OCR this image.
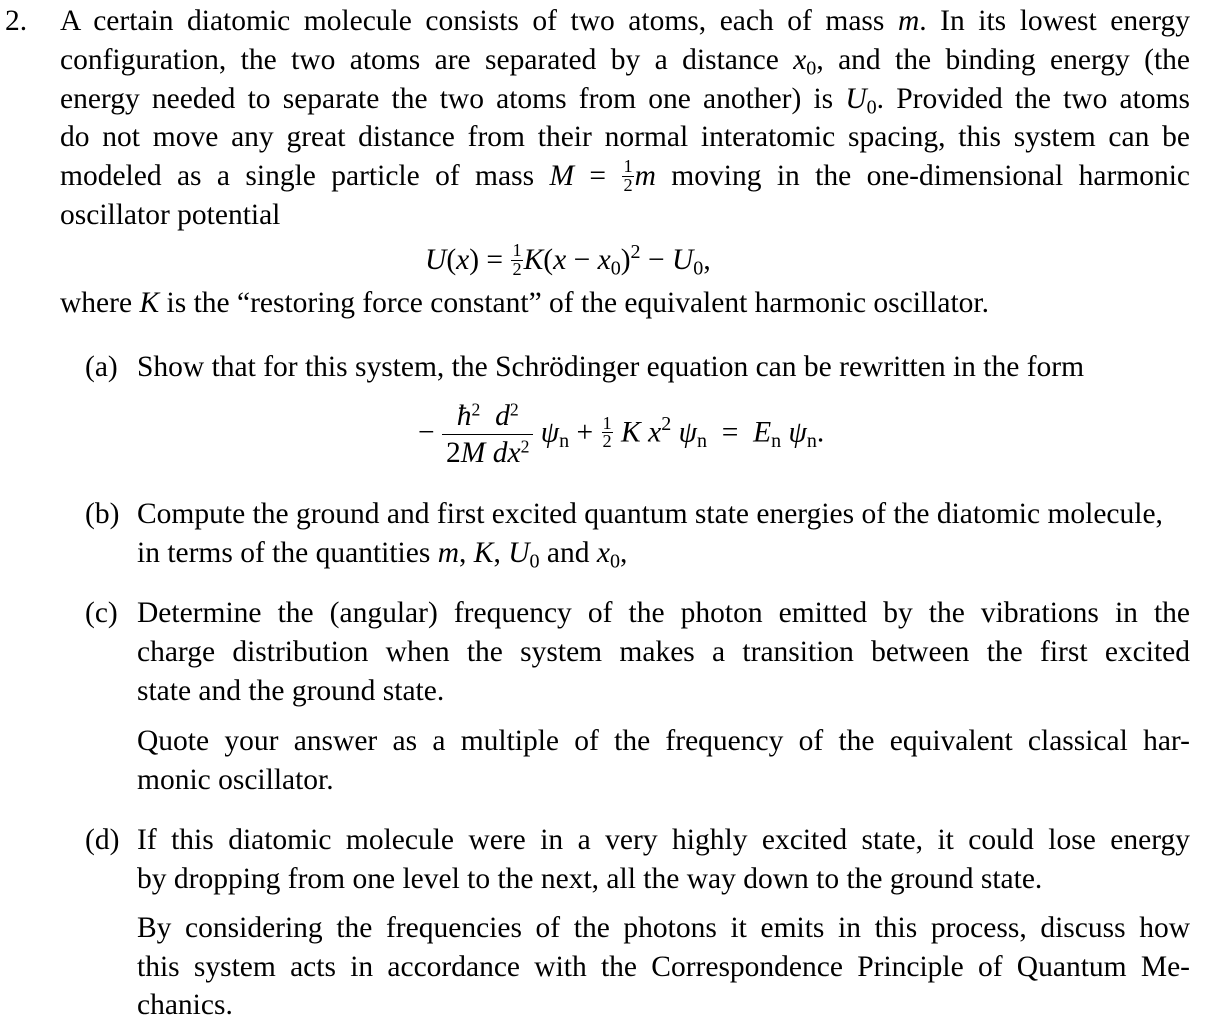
2. A certain diatomic molecule consists of two atoms, each of mass m. In its lowest energy
configuration, the two atoms are separated by a distance $x_0$, and the binding energy (the
energy needed to separate the two atoms from one another) is $U_0$. Provided the two atoms
do not move any great distance from their normal interatomic spacing, this system can be
modeled as a single particle of mass $M = \frac{1}{2}$ m moving in the one-dimensional harmonic
oscillator potential
$U(x) = \frac{1}{2} K(x - x_0)^2 - U_0$,
where K is the “restoring force constant” of the equivalent harmonic oscillator.
(a) Show that for this system, the Schrödinger equation can be rewritten in the form
− $\frac{ħ^2 d^2}{2M dx^2} \psi_n + \frac{1}{2}$ K $x^2$ $\psi_n = E_n$ $\psi_n$.
(b) Compute the ground and first excited quantum state energies of the diatomic molecule,
in terms of the quantities m, K, $U_0$ and $x_0$,
(c) Determine the (angular) frequency of the photon emitted by the vibrations in the
charge distribution when the system makes a transition between the first excited
state and the ground state.
Quote your answer as a multiple of the frequency of the equivalent classical har-
monic oscillator.
(d) If this diatomic molecule were in a very highly excited state, it could lose energy
by dropping from one level to the next, all the way down to the ground state.
By considering the frequencies of the photons it emits in this process, discuss how
this system acts in accordance with the Correspondence Principle of Quantum Me-
chanics.
